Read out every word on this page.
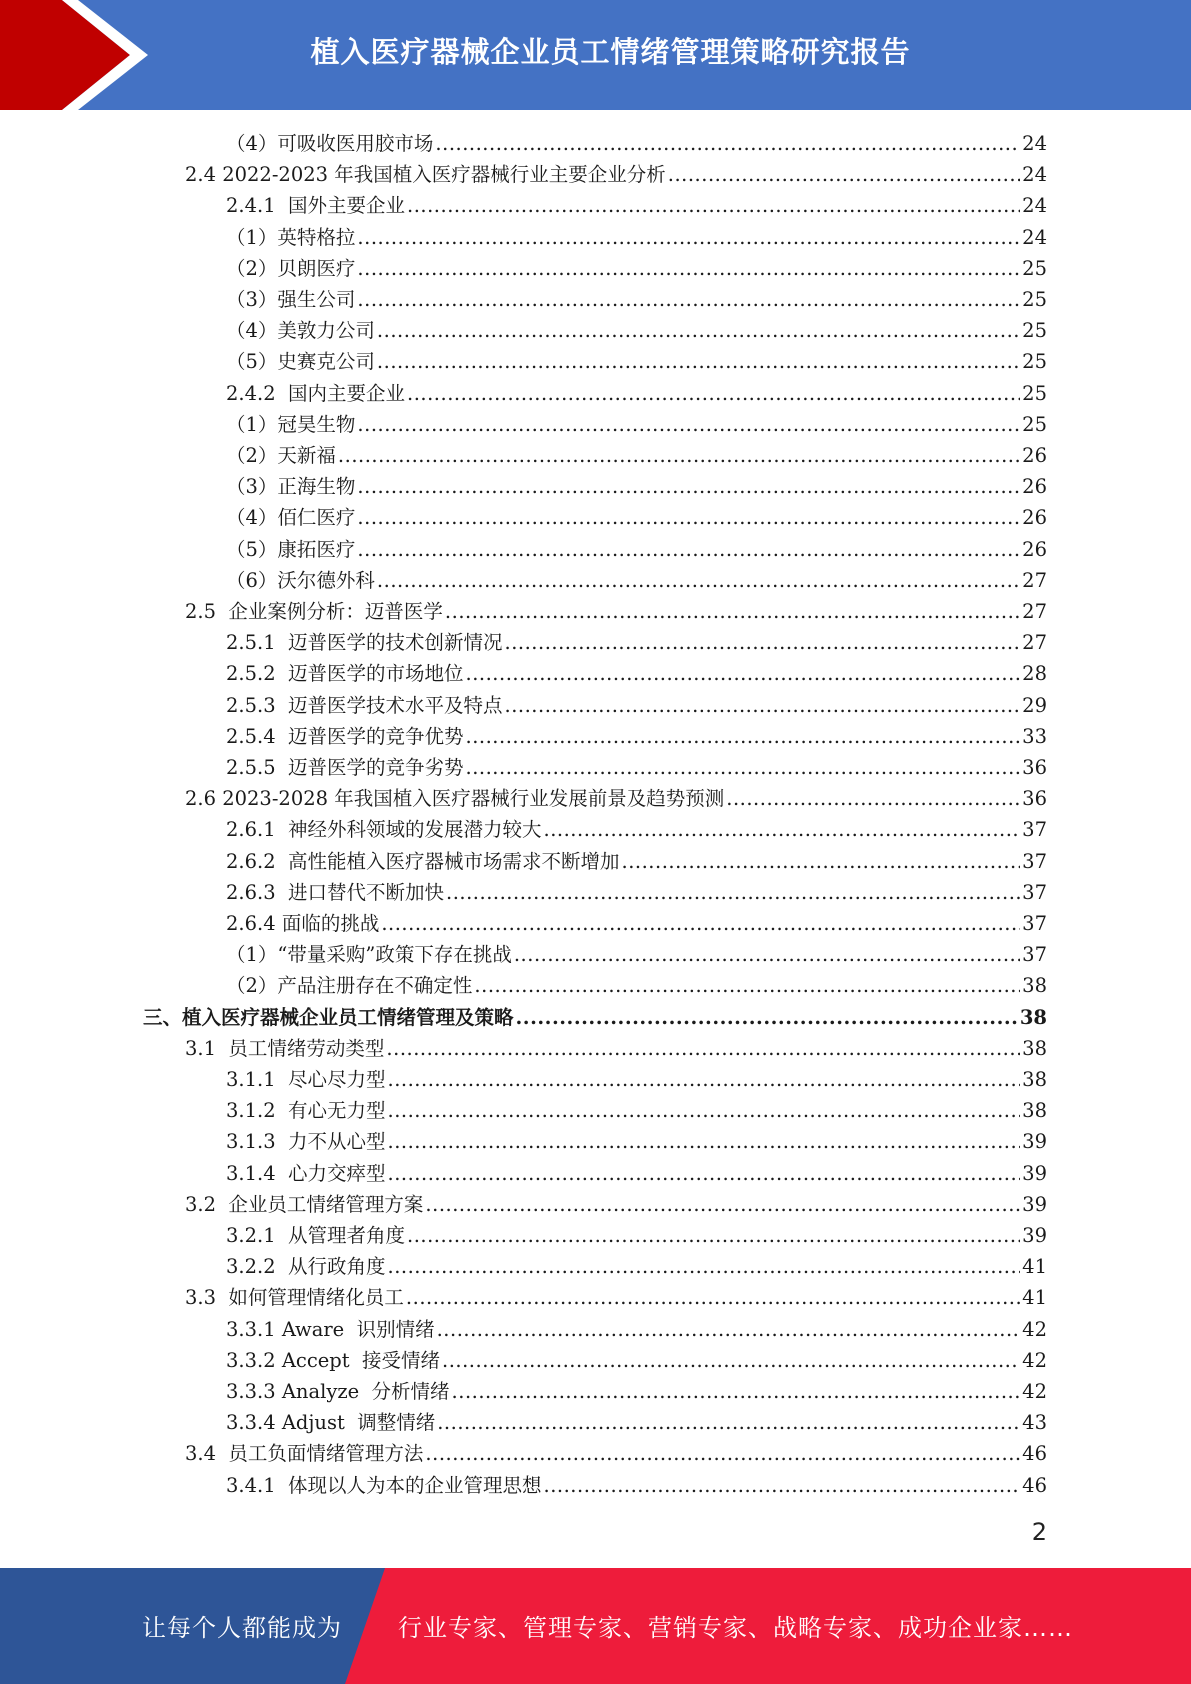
植入医疗器械企业员工情绪管理策略研究报告
（4）可吸收医用胶市场 .....	24
2.4 2022-2023 年我国植入医疗器械行业主要企业分析 .....	24
2.4.1  国外主要企业 .....	24
（1）英特格拉 .....	24
（2）贝朗医疗 .....	25
（3）强生公司 .....	25
（4）美敦力公司 .....	25
（5）史赛克公司 .....	25
2.4.2  国内主要企业 .....	25
（1）冠昊生物 .....	25
（2）天新福 .....	26
（3）正海生物 .....	26
（4）佰仁医疗 .....	26
（5）康拓医疗 .....	26
（6）沃尔德外科 .....	27
2.5  企业案例分析：迈普医学 .....	27
2.5.1  迈普医学的技术创新情况 .....	27
2.5.2  迈普医学的市场地位 .....	28
2.5.3  迈普医学技术水平及特点 .....	29
2.5.4  迈普医学的竞争优势 .....	33
2.5.5  迈普医学的竞争劣势 .....	36
2.6 2023-2028 年我国植入医疗器械行业发展前景及趋势预测 .....	36
2.6.1  神经外科领域的发展潜力较大 .....	37
2.6.2  高性能植入医疗器械市场需求不断增加 .....	37
2.6.3  进口替代不断加快 .....	37
2.6.4 面临的挑战 .....	37
（1）“带量采购”政策下存在挑战 .....	37
（2）产品注册存在不确定性 .....	38
三、植入医疗器械企业员工情绪管理及策略 .....	38
3.1  员工情绪劳动类型 .....	38
3.1.1  尽心尽力型 .....	38
3.1.2  有心无力型 .....	38
3.1.3  力不从心型 .....	39
3.1.4  心力交瘁型 .....	39
3.2  企业员工情绪管理方案 .....	39
3.2.1  从管理者角度 .....	39
3.2.2  从行政角度 .....	41
3.3  如何管理情绪化员工 .....	41
3.3.1 Aware  识别情绪 .....	42
3.3.2 Accept  接受情绪 .....	42
3.3.3 Analyze  分析情绪 .....	42
3.3.4 Adjust  调整情绪 .....	43
3.4  员工负面情绪管理方法 .....	46
3.4.1  体现以人为本的企业管理思想 .....	46
2
让每个人都能成为 行业专家、管理专家、营销专家、战略专家、成功企业家……
